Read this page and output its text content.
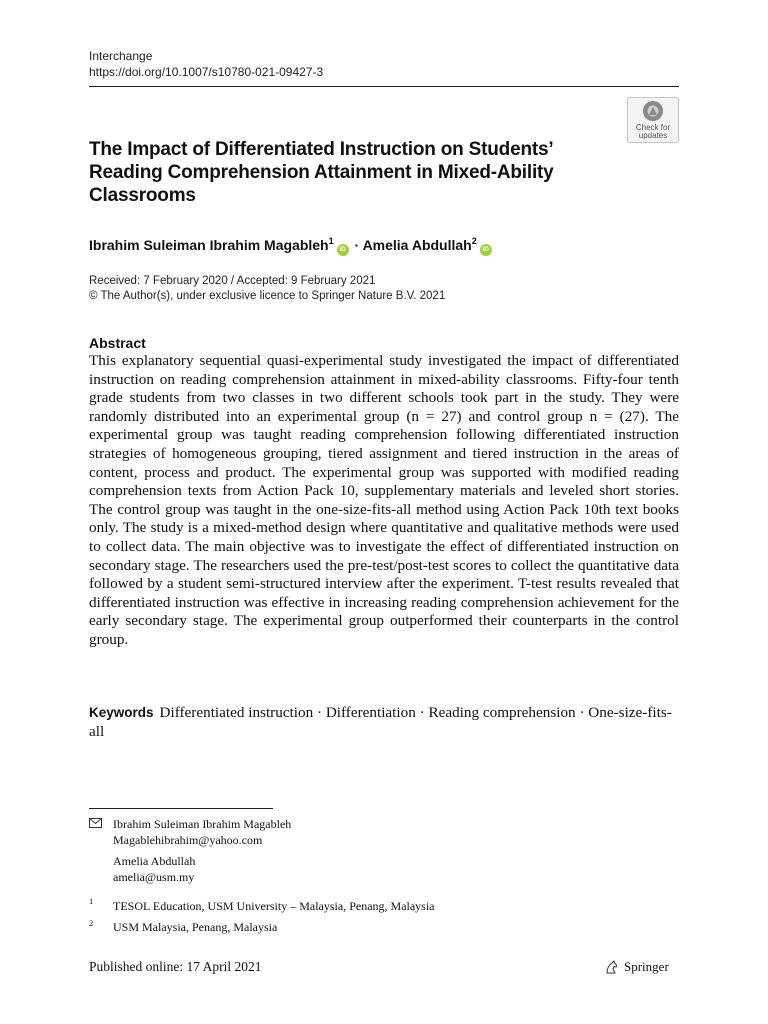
Interchange
https://doi.org/10.1007/s10780-021-09427-3
Check for
updates
The Impact of Differentiated Instruction on Students’ Reading Comprehension Attainment in Mixed-Ability Classrooms
Ibrahim Suleiman Ibrahim Magableh$^1$iD · Amelia Abdullah$^2$iD
Received: 7 February 2020 / Accepted: 9 February 2021
© The Author(s), under exclusive licence to Springer Nature B.V. 2021
Abstract
This explanatory sequential quasi-experimental study investigated the impact of differentiated instruction on reading comprehension attainment in mixed-ability classrooms. Fifty-four tenth grade students from two classes in two different schools took part in the study. They were randomly distributed into an experimental group (n = 27) and control group n = (27). The experimental group was taught reading comprehension following differentiated instruction strategies of homogeneous grouping, tiered assignment and tiered instruction in the areas of content, process and product. The experimental group was supported with modified reading comprehension texts from Action Pack 10, supplementary materials and leveled short stories. The control group was taught in the one-size-fits-all method using Action Pack 10th text books only. The study is a mixed-method design where quantitative and qualitative methods were used to collect data. The main objective was to investigate the effect of differentiated instruction on secondary stage. The researchers used the pre-test/post-test scores to collect the quantitative data followed by a student semi-structured interview after the experiment. T-test results revealed that differentiated instruction was effective in increasing reading comprehension achievement for the early secondary stage. The experimental group outperformed their counterparts in the control group.
Keywords Differentiated instruction · Differentiation · Reading comprehension · One-size-fits-all
Ibrahim Suleiman Ibrahim Magableh
Magablehibrahim@yahoo.com
Amelia Abdullah
amelia@usm.my
1 TESOL Education, USM University – Malaysia, Penang, Malaysia
2 USM Malaysia, Penang, Malaysia
Published online: 17 April 2021	Springer
